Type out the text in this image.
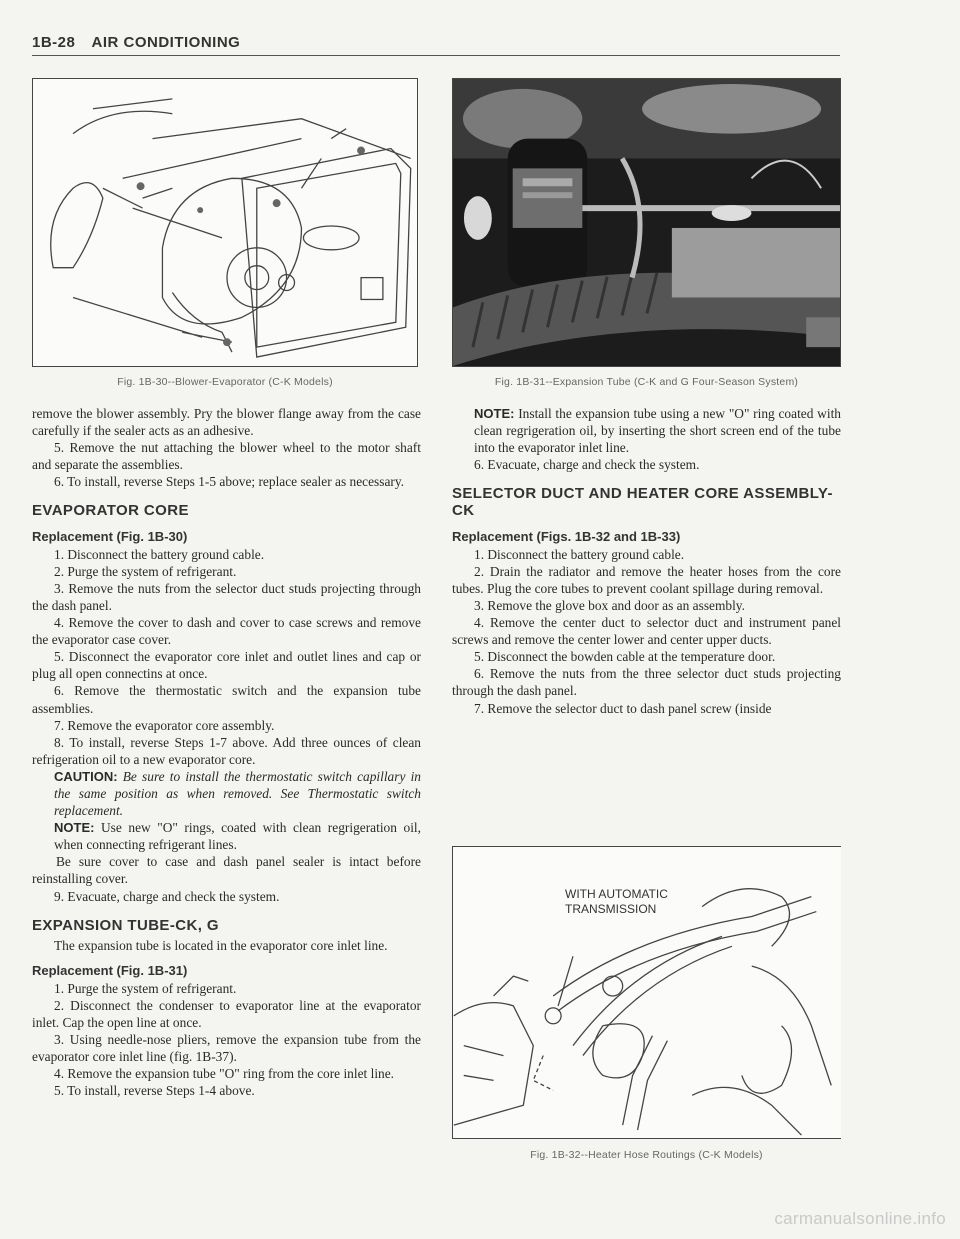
1B-28 AIR CONDITIONING
Fig. 1B-30--Blower-Evaporator (C-K Models)	Fig. 1B-31--Expansion Tube (C-K and G Four-Season System)

remove the blower assembly. Pry the blower flange away from the case carefully if the sealer acts as an adhesive.

5. Remove the nut attaching the blower wheel to the motor shaft and separate the assemblies.

6. To install, reverse Steps 1-5 above; replace sealer as necessary.

EVAPORATOR CORE
Replacement (Fig. 1B-30)

1. Disconnect the battery ground cable.

2. Purge the system of refrigerant.

3. Remove the nuts from the selector duct studs projecting through the dash panel.

4. Remove the cover to dash and cover to case screws and remove the evaporator case cover.

5. Disconnect the evaporator core inlet and outlet lines and cap or plug all open connectins at once.

6. Remove the thermostatic switch and the expansion tube assemblies.

7. Remove the evaporator core assembly.

8. To install, reverse Steps 1-7 above. Add three ounces of clean refrigeration oil to a new evaporator core.

CAUTION: Be sure to install the thermostatic switch capillary in the same position as when removed. See Thermostatic switch replacement.

NOTE: Use new "O" rings, coated with clean regrigeration oil, when connecting refrigerant lines.

Be sure cover to case and dash panel sealer is intact before reinstalling cover.

9. Evacuate, charge and check the system.

EXPANSION TUBE-CK, G

The expansion tube is located in the evaporator core inlet line.

Replacement (Fig. 1B-31)

1. Purge the system of refrigerant.

2. Disconnect the condenser to evaporator line at the evaporator inlet. Cap the open line at once.

3. Using needle-nose pliers, remove the expansion tube from the evaporator core inlet line (fig. 1B-37).

4. Remove the expansion tube "O" ring from the core inlet line.

5. To install, reverse Steps 1-4 above.

NOTE: Install the expansion tube using a new "O" ring coated with clean regrigeration oil, by inserting the short screen end of the tube into the evaporator inlet line.

6. Evacuate, charge and check the system.

SELECTOR DUCT AND HEATER CORE ASSEMBLY-CK
Replacement (Figs. 1B-32 and 1B-33)

1. Disconnect the battery ground cable.

2. Drain the radiator and remove the heater hoses from the core tubes. Plug the core tubes to prevent coolant spillage during removal.

3. Remove the glove box and door as an assembly.

4. Remove the center duct to selector duct and instrument panel screws and remove the center lower and center upper ducts.

5. Disconnect the bowden cable at the temperature door.

6. Remove the nuts from the three selector duct studs projecting through the dash panel.

7. Remove the selector duct to dash panel screw (inside

WITH AUTOMATIC
TRANSMISSION
Fig. 1B-32--Heater Hose Routings (C-K Models)
carmanualsonline.info
